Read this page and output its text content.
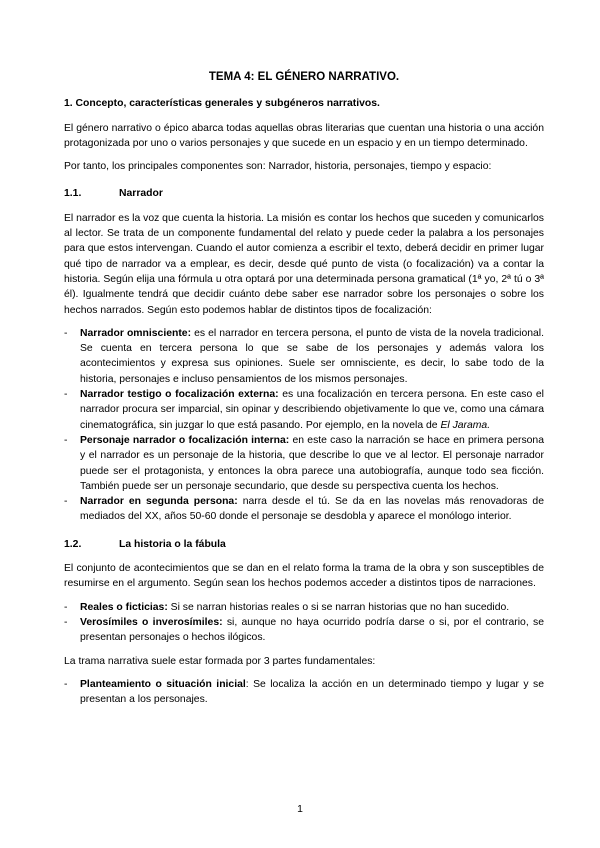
TEMA 4: EL GÉNERO NARRATIVO.
1. Concepto, características generales y subgéneros narrativos.

El género narrativo o épico abarca todas aquellas obras literarias que cuentan una historia o una acción protagonizada por uno o varios personajes y que sucede en un espacio y en un tiempo determinado.

Por tanto, los principales componentes son: Narrador, historia, personajes, tiempo y espacio:

1.1.	Narrador

El narrador es la voz que cuenta la historia. La misión es contar los hechos que suceden y comunicarlos al lector. Se trata de un componente fundamental del relato y puede ceder la palabra a los personajes para que estos intervengan. Cuando el autor comienza a escribir el texto, deberá decidir en primer lugar qué tipo de narrador va a emplear, es decir, desde qué punto de vista (o focalización) va a contar la historia. Según elija una fórmula u otra optará por una determinada persona gramatical (1ª yo, 2ª tú o 3ª él). Igualmente tendrá que decidir cuánto debe saber ese narrador sobre los personajes o sobre los hechos narrados. Según esto podemos hablar de distintos tipos de focalización:

- Narrador omnisciente: es el narrador en tercera persona, el punto de vista de la novela tradicional. Se cuenta en tercera persona lo que se sabe de los personajes y además valora los acontecimientos y expresa sus opiniones. Suele ser omnisciente, es decir, lo sabe todo de la historia, personajes e incluso pensamientos de los mismos personajes.
- Narrador testigo o focalización externa: es una focalización en tercera persona. En este caso el narrador procura ser imparcial, sin opinar y describiendo objetivamente lo que ve, como una cámara cinematográfica, sin juzgar lo que está pasando. Por ejemplo, en la novela de El Jarama.
- Personaje narrador o focalización interna: en este caso la narración se hace en primera persona y el narrador es un personaje de la historia, que describe lo que ve al lector. El personaje narrador puede ser el protagonista, y entonces la obra parece una autobiografía, aunque todo sea ficción. También puede ser un personaje secundario, que desde su perspectiva cuenta los hechos.
- Narrador en segunda persona: narra desde el tú. Se da en las novelas más renovadoras de mediados del XX, años 50-60 donde el personaje se desdobla y aparece el monólogo interior.
1.2.	La historia o la fábula

El conjunto de acontecimientos que se dan en el relato forma la trama de la obra y son susceptibles de resumirse en el argumento. Según sean los hechos podemos acceder a distintos tipos de narraciones.

- Reales o ficticias: Si se narran historias reales o si se narran historias que no han sucedido.
- Verosímiles o inverosímiles: si, aunque no haya ocurrido podría darse o si, por el contrario, se presentan personajes o hechos ilógicos.

La trama narrativa suele estar formada por 3 partes fundamentales:

- Planteamiento o situación inicial: Se localiza la acción en un determinado tiempo y lugar y se presentan a los personajes.
1
